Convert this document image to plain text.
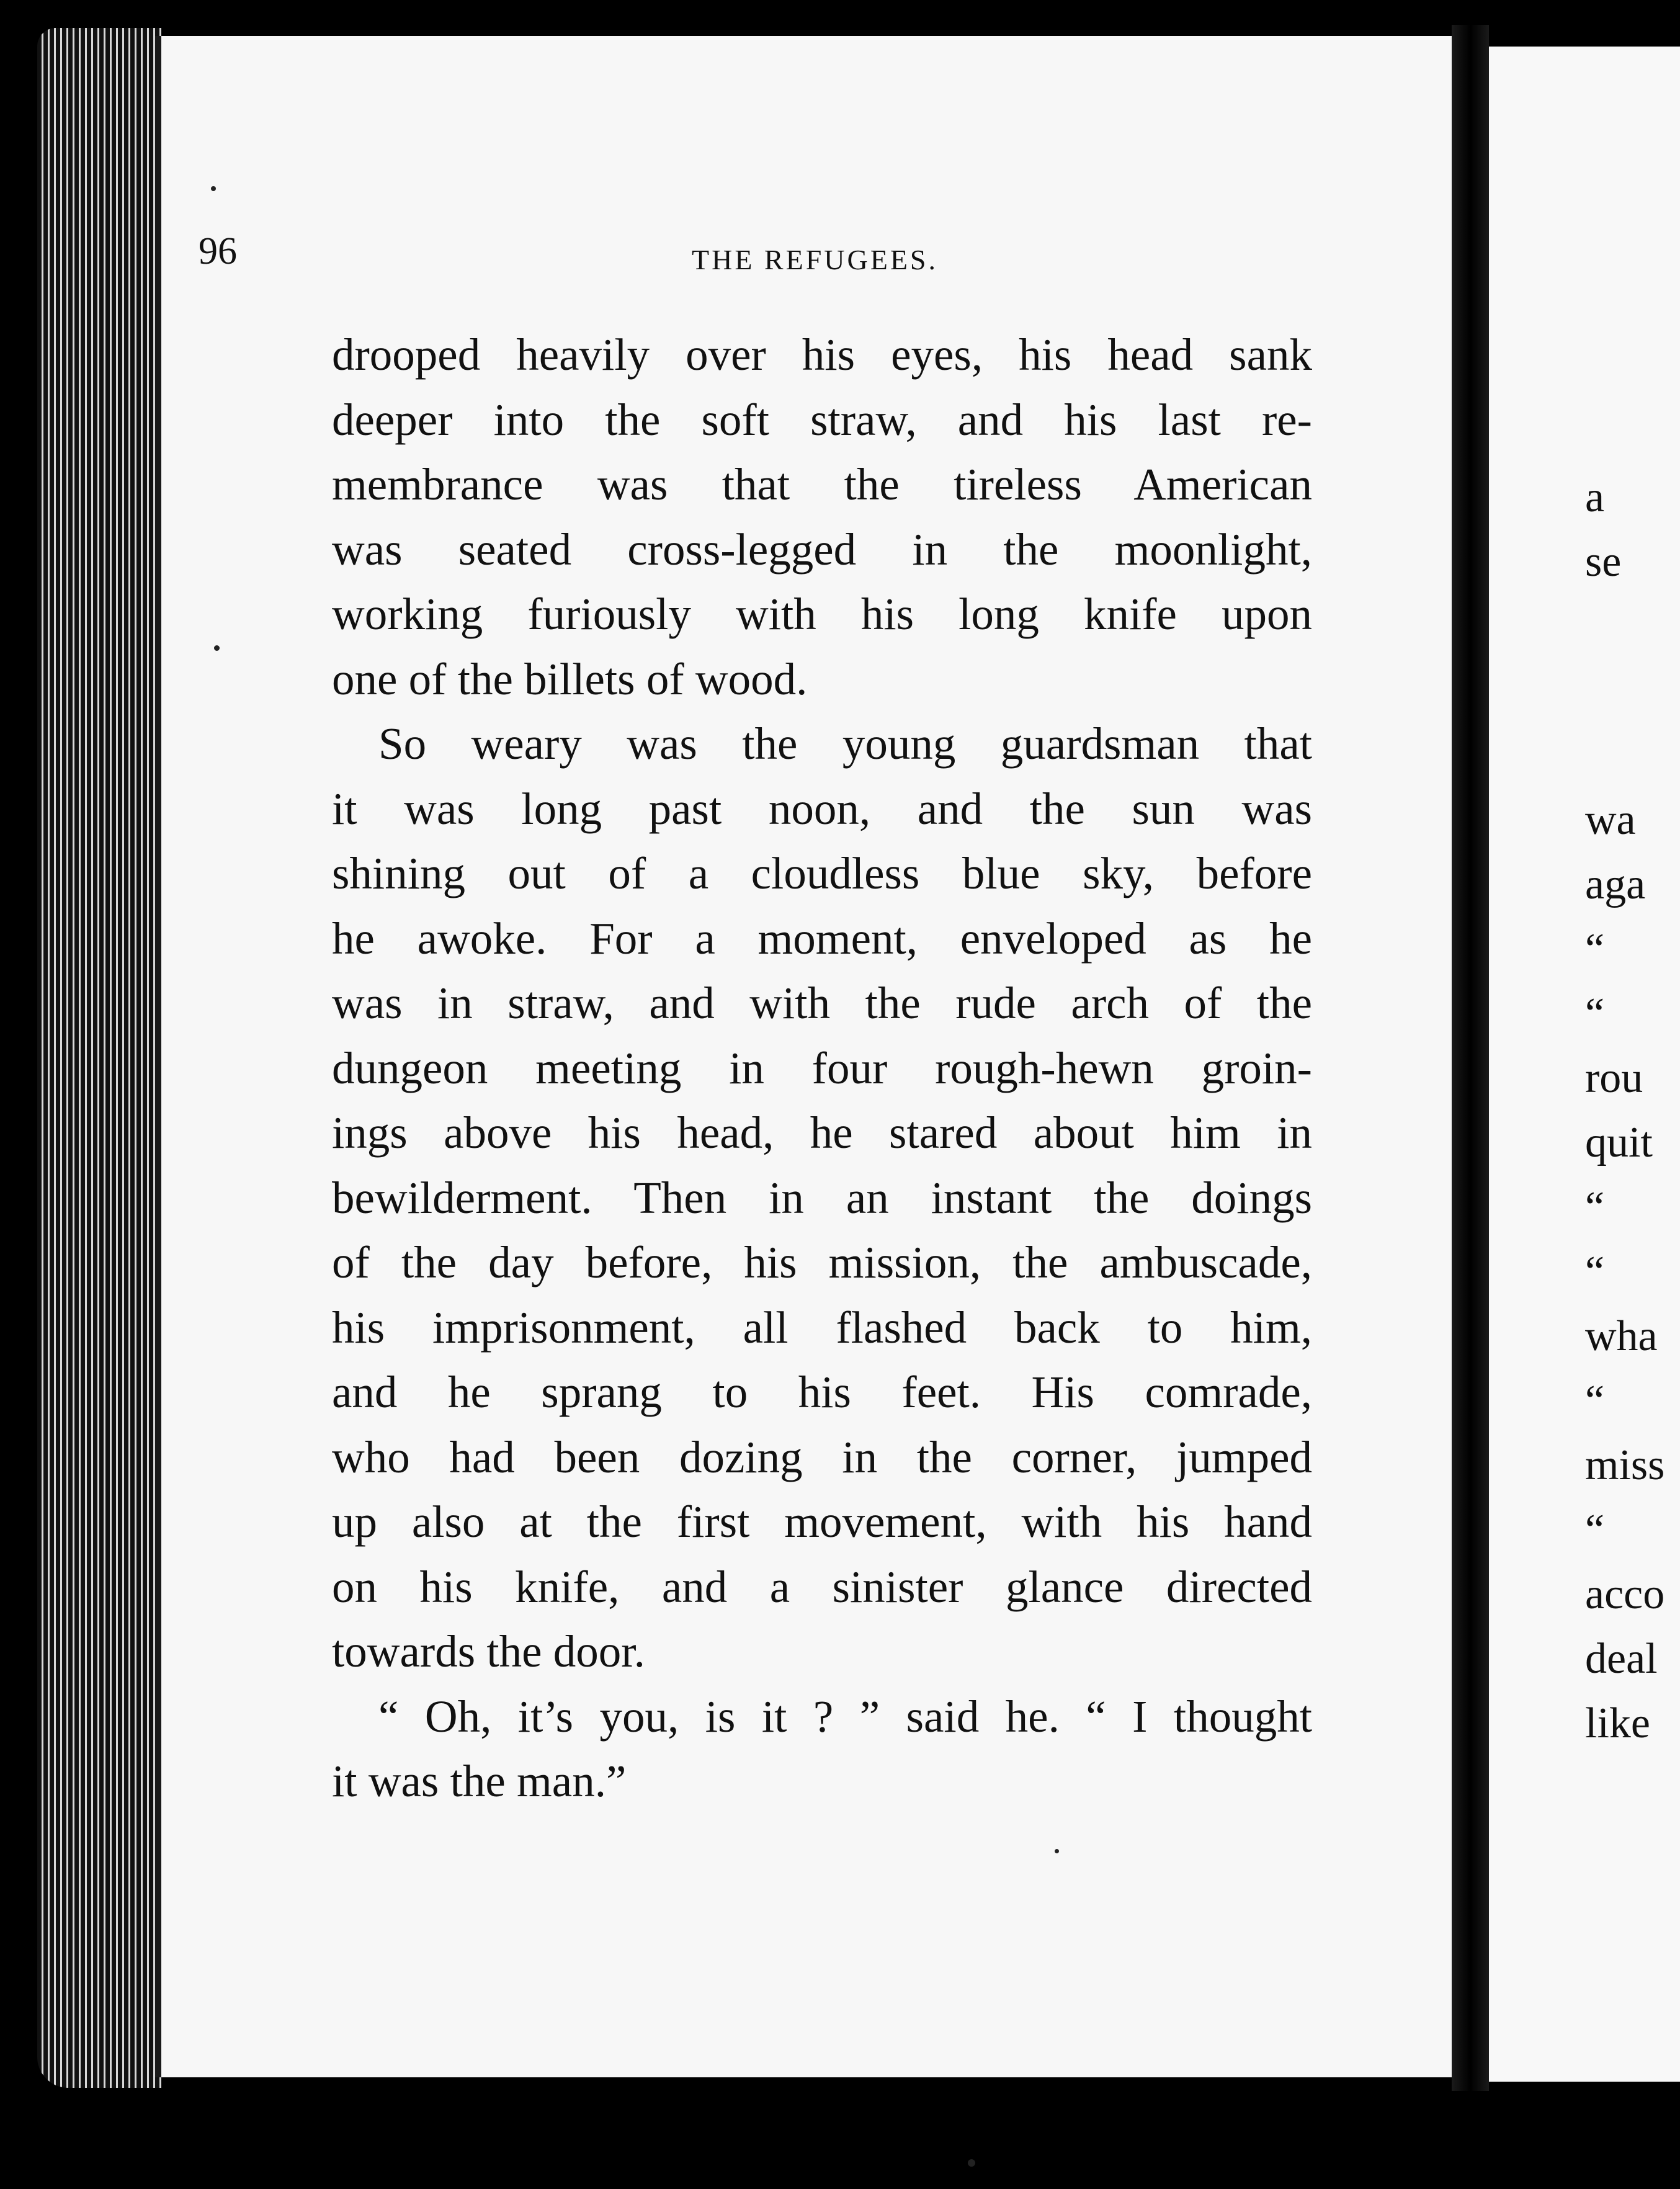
96	THE REFUGEES.

drooped heavily over his eyes, his head sank
deeper into the soft straw, and his last re-
membrance was that the tireless American
was seated cross-legged in the moonlight,
working furiously with his long knife upon
one of the billets of wood.

So weary was the young guardsman that
it was long past noon, and the sun was
shining out of a cloudless blue sky, before
he awoke. For a moment, enveloped as he
was in straw, and with the rude arch of the
dungeon meeting in four rough-hewn groin-
ings above his head, he stared about him in
bewilderment. Then in an instant the doings
of the day before, his mission, the ambuscade,
his imprisonment, all flashed back to him,
and he sprang to his feet. His comrade,
who had been dozing in the corner, jumped
up also at the first movement, with his hand
on his knife, and a sinister glance directed
towards the door.

“ Oh, it’s you, is it ? ” said he. “ I thought
it was the man.”

a
se
wa
aga
“
“
rou
quit
“
“
wha
“
miss
“
acco
deal
like
